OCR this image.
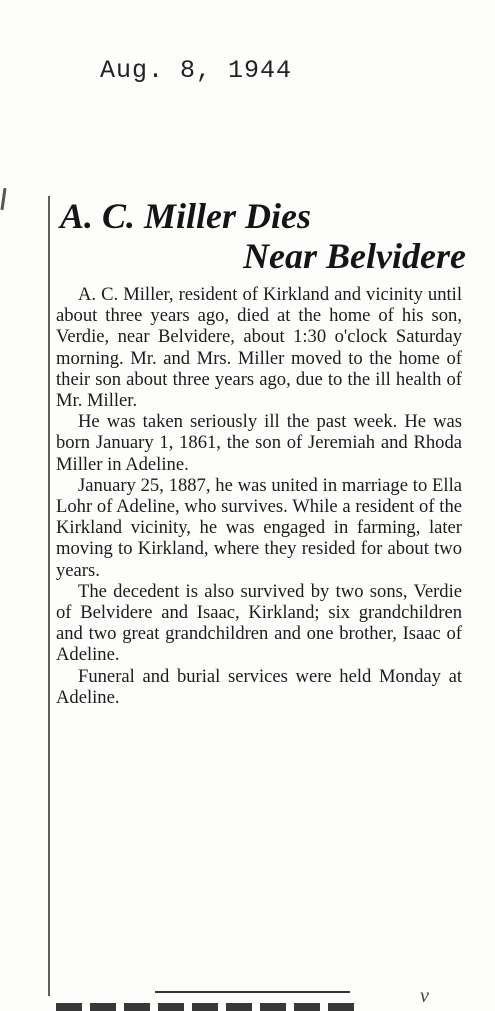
Aug. 8, 1944
A. C. Miller Dies
Near Belvidere

A. C. Miller, resident of Kirkland and vicinity until about three years ago, died at the home of his son, Verdie, near Belvidere, about 1:30 o'clock Saturday morning. Mr. and Mrs. Miller moved to the home of their son about three years ago, due to the ill health of Mr. Miller.

He was taken seriously ill the past week. He was born January 1, 1861, the son of Jeremiah and Rhoda Miller in Adeline.

January 25, 1887, he was united in marriage to Ella Lohr of Adeline, who survives. While a resident of the Kirkland vicinity, he was engaged in farming, later moving to Kirkland, where they resided for about two years.

The decedent is also survived by two sons, Verdie of Belvidere and Isaac, Kirkland; six grandchildren and two great grandchildren and one brother, Isaac of Adeline.

Funeral and burial services were held Monday at Adeline.

v
